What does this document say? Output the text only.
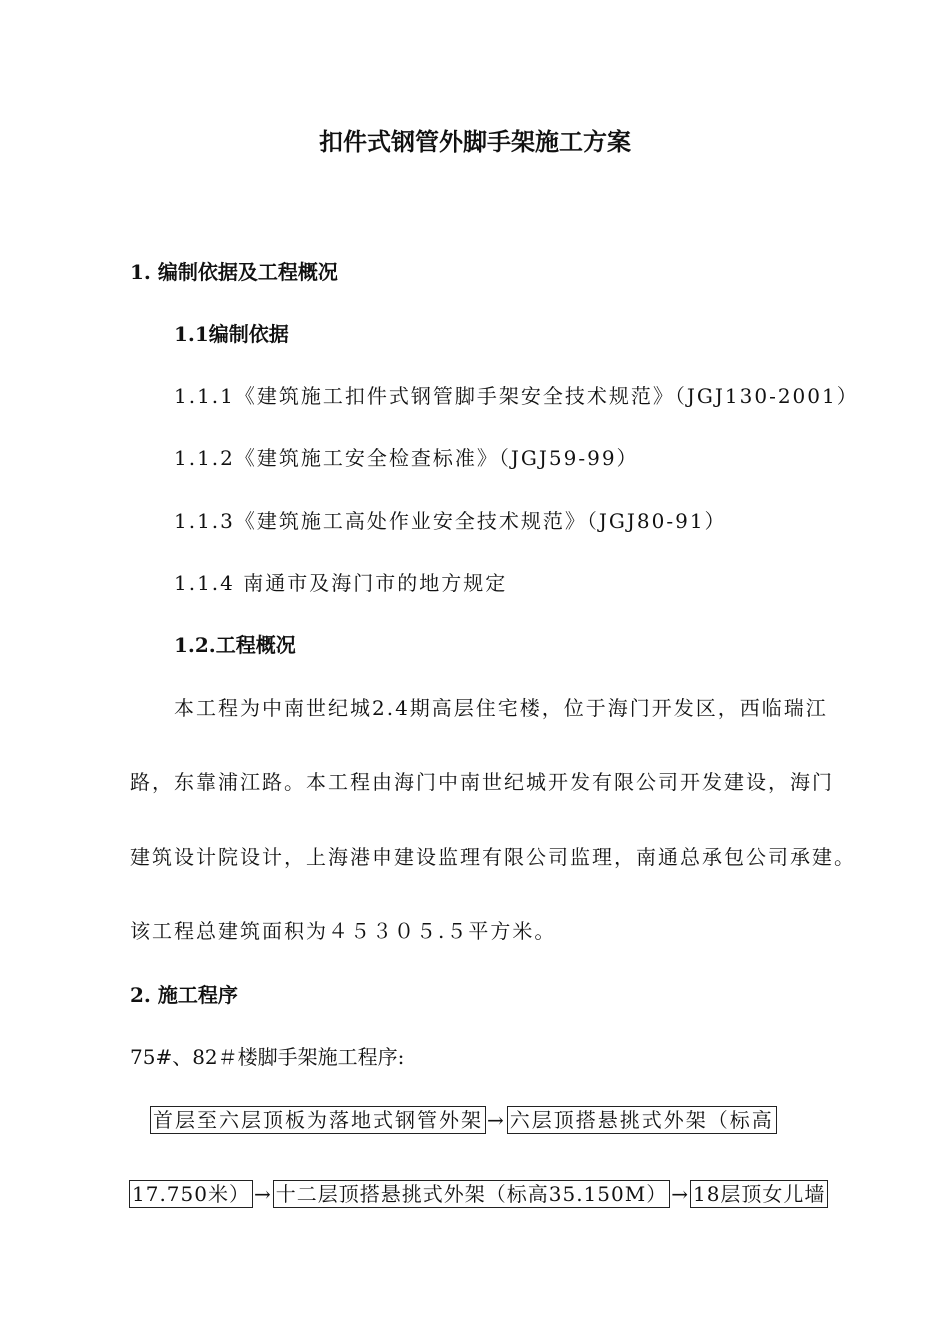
扣件式钢管外脚手架施工方案
1. 编制依据及工程概况
1.1编制依据
1.1.1《建筑施工扣件式钢管脚手架安全技术规范》（JGJ130-2001）
1.1.2《建筑施工安全检查标准》（JGJ59-99）
1.1.3《建筑施工高处作业安全技术规范》（JGJ80-91）
1.1.4 南通市及海门市的地方规定
1.2.工程概况
本工程为中南世纪城2.4期高层住宅楼，位于海门开发区，西临瑞江
路，东靠浦江路。本工程由海门中南世纪城开发有限公司开发建设，海门
建筑设计院设计，上海港申建设监理有限公司监理，南通总承包公司承建。
该工程总建筑面积为４５３０５.５平方米。
2. 施工程序
75#、82＃楼脚手架施工程序:
首层至六层顶板为落地式钢管外架 → 六层顶搭悬挑式外架（标高
17.750米） → 十二层顶搭悬挑式外架（标高35.150M） →18层顶女儿墙
